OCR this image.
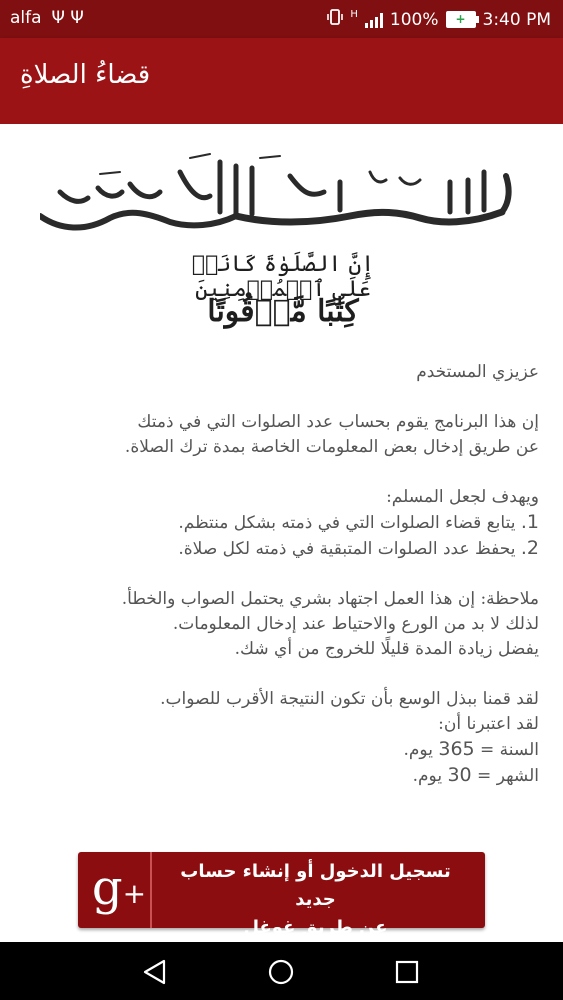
alfa Ψ Ψ	H 100%	+ 3:40 PM
قضاءُ الصلاةِ
إِنَّ الصَّلَوٰةَ كَانَتۡ عَلَى ٱلۡمُؤۡمِنِينَ
كِتَٰبًا مَّوۡقُوتًا

عزيزي المستخدم

إن هذا البرنامج يقوم بحساب عدد الصلوات التي في ذمتك

عن طريق إدخال بعض المعلومات الخاصة بمدة ترك الصلاة.

ويهدف لجعل المسلم:

1. يتابع قضاء الصلوات التي في ذمته بشكل منتظم.

2. يحفظ عدد الصلوات المتبقية في ذمته لكل صلاة.

ملاحظة: إن هذا العمل اجتهاد بشري يحتمل الصواب والخطأ.

لذلك لا بد من الورع والاحتياط عند إدخال المعلومات.

يفضل زيادة المدة قليلًا للخروج من أي شك.

لقد قمنا ببذل الوسع بأن تكون النتيجة الأقرب للصواب.

لقد اعتبرنا أن:

السنة = 365 يوم.

الشهر = 30 يوم.

g+
تسجيل الدخول أو إنشاء حساب جديد
عن طريق غوغل
